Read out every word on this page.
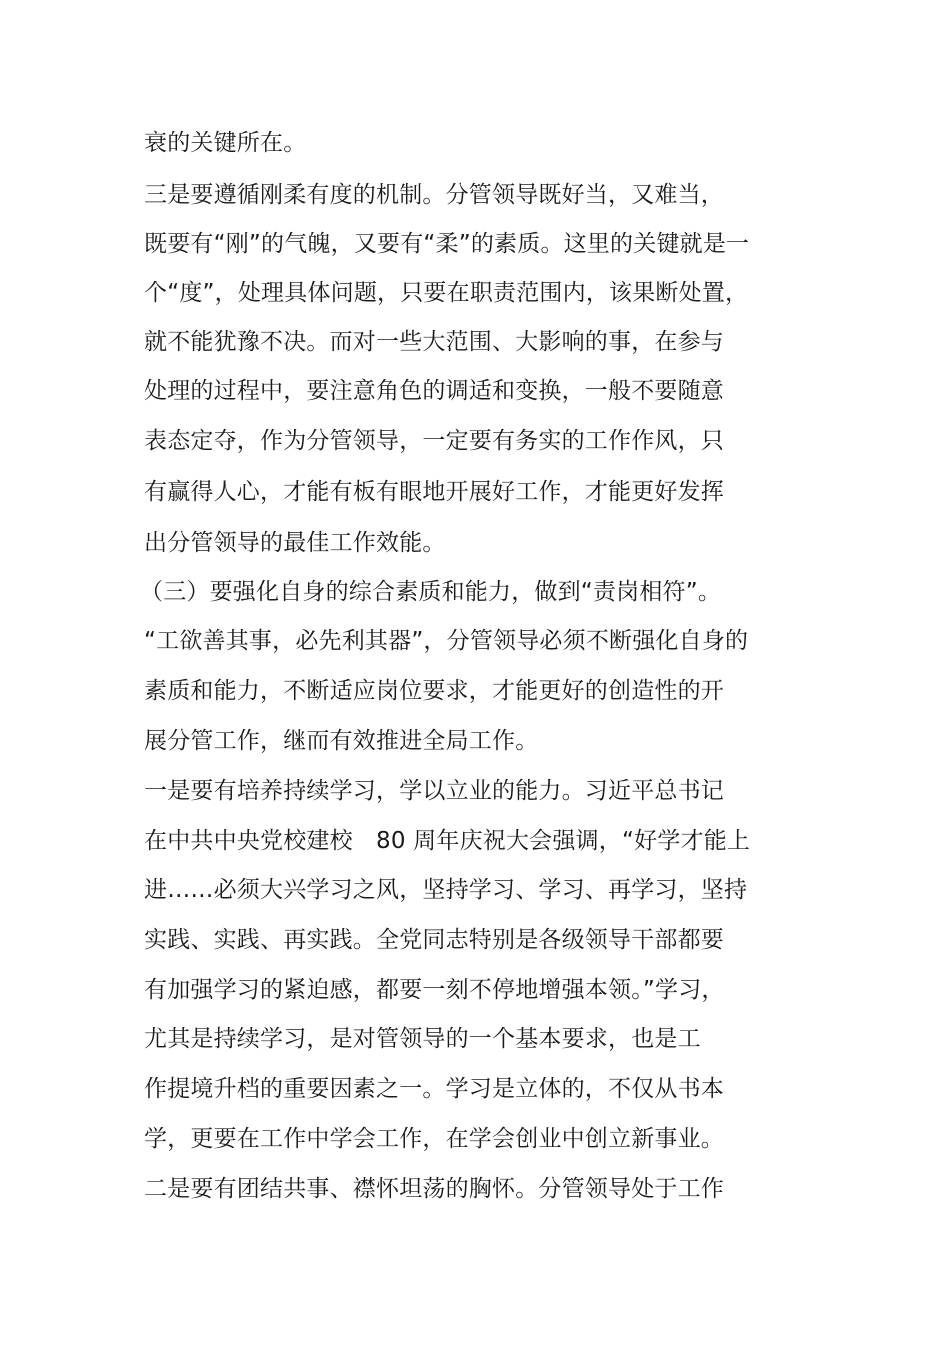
衰的关键所在。
三是要遵循刚柔有度的机制。分管领导既好当，又难当，
既要有“刚”的气魄，又要有“柔”的素质。这里的关键就是一
个“度”，处理具体问题，只要在职责范围内，该果断处置，
就不能犹豫不决。而对一些大范围、大影响的事，在参与
处理的过程中，要注意角色的调适和变换，一般不要随意
表态定夺，作为分管领导，一定要有务实的工作作风，只
有赢得人心，才能有板有眼地开展好工作，才能更好发挥
出分管领导的最佳工作效能。
（三）要强化自身的综合素质和能力，做到“责岗相符”。
“工欲善其事，必先利其器”，分管领导必须不断强化自身的
素质和能力，不断适应岗位要求，才能更好的创造性的开
展分管工作，继而有效推进全局工作。
一是要有培养持续学习，学以立业的能力。习近平总书记
在中共中央党校建校　80 周年庆祝大会强调，“好学才能上
进……必须大兴学习之风，坚持学习、学习、再学习，坚持
实践、实践、再实践。全党同志特别是各级领导干部都要
有加强学习的紧迫感，都要一刻不停地增强本领。”学习，
尤其是持续学习，是对管领导的一个基本要求，也是工
作提境升档的重要因素之一。学习是立体的，不仅从书本
学，更要在工作中学会工作，在学会创业中创立新事业。
二是要有团结共事、襟怀坦荡的胸怀。分管领导处于工作
